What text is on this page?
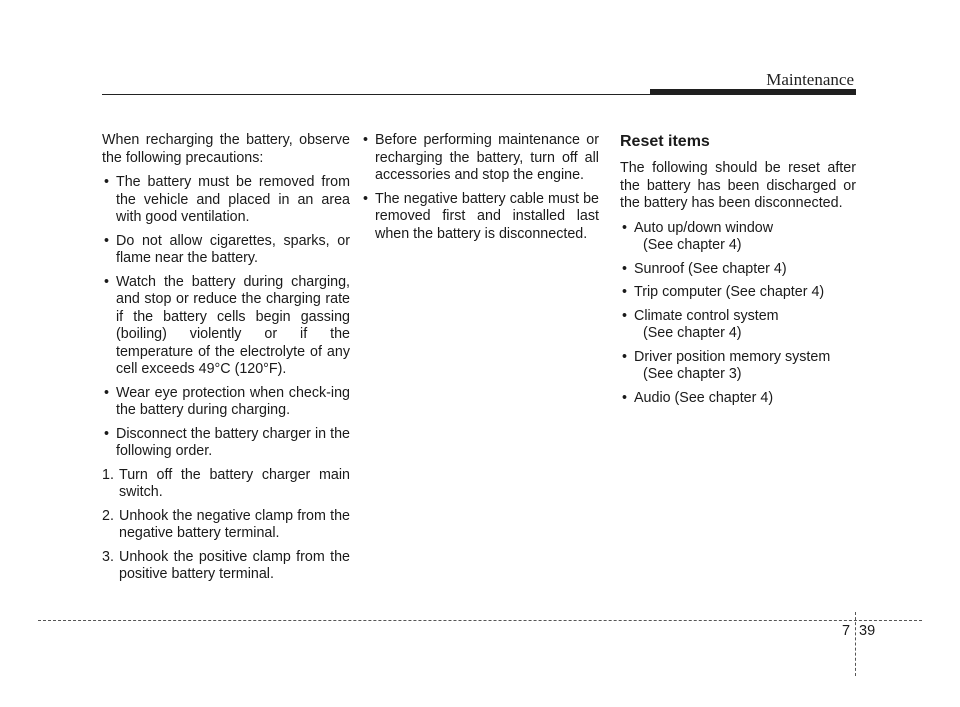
Maintenance

When recharging the battery, observe the following precautions:

• The battery must be removed from the vehicle and placed in an area with good ventilation.
• Do not allow cigarettes, sparks, or flame near the battery.
• Watch the battery during charging, and stop or reduce the charging rate if the battery cells begin gassing (boiling) violently or if the temperature of the electrolyte of any cell exceeds 49°C (120°F).
• Wear eye protection when check-ing the battery during charging.
• Disconnect the battery charger in the following order.
1. Turn off the battery charger main switch.
2. Unhook the negative clamp from the negative battery terminal.
3. Unhook the positive clamp from the positive battery terminal.
• Before performing maintenance or recharging the battery, turn off all accessories and stop the engine.
• The negative battery cable must be removed first and installed last when the battery is disconnected.
Reset items

The following should be reset after the battery has been discharged or the battery has been disconnected.

• Auto up/down window
(See chapter 4)
• Sunroof (See chapter 4)
• Trip computer (See chapter 4)
• Climate control system
(See chapter 4)
• Driver position memory system
(See chapter 3)
• Audio (See chapter 4)
7 39
